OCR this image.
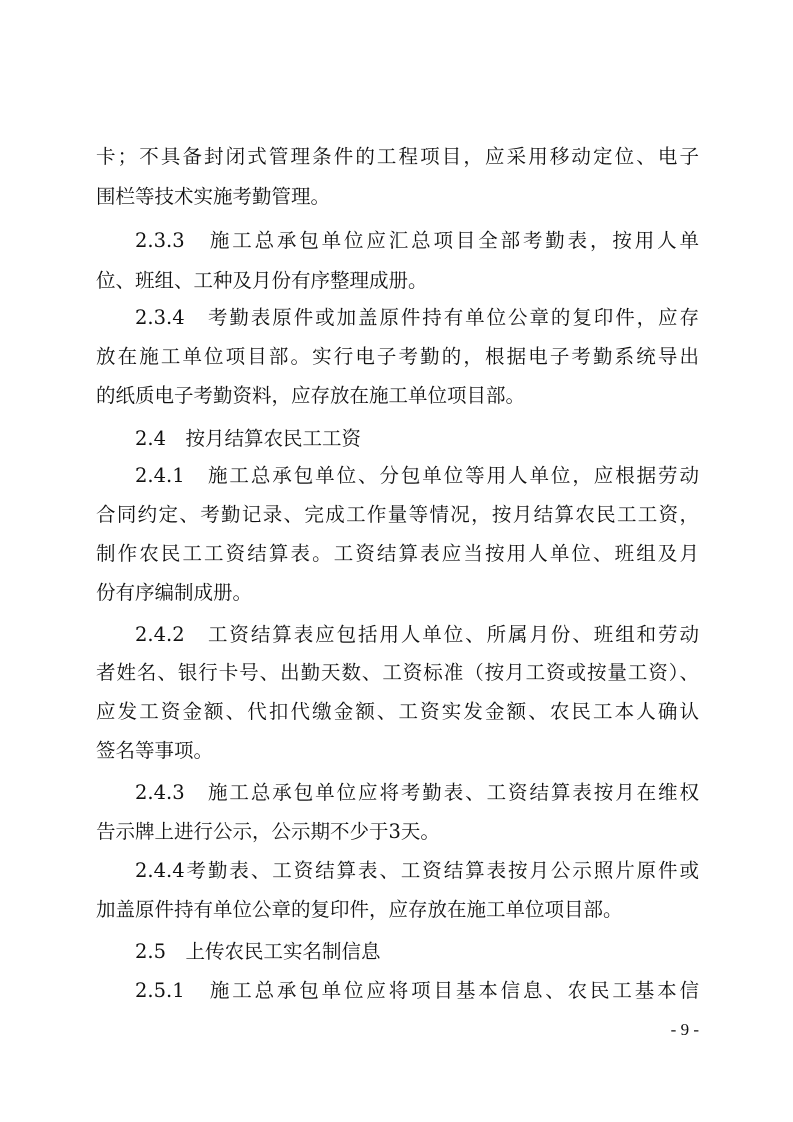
卡；不具备封闭式管理条件的工程项目，应采用移动定位、电子
围栏等技术实施考勤管理。
2.3.3　施工总承包单位应汇总项目全部考勤表，按用人单
位、班组、工种及月份有序整理成册。
2.3.4　考勤表原件或加盖原件持有单位公章的复印件，应存
放在施工单位项目部。实行电子考勤的，根据电子考勤系统导出
的纸质电子考勤资料，应存放在施工单位项目部。
2.4　按月结算农民工工资
2.4.1　施工总承包单位、分包单位等用人单位，应根据劳动
合同约定、考勤记录、完成工作量等情况，按月结算农民工工资，
制作农民工工资结算表。工资结算表应当按用人单位、班组及月
份有序编制成册。
2.4.2　工资结算表应包括用人单位、所属月份、班组和劳动
者姓名、银行卡号、出勤天数、工资标准（按月工资或按量工资）、
应发工资金额、代扣代缴金额、工资实发金额、农民工本人确认
签名等事项。
2.4.3　施工总承包单位应将考勤表、工资结算表按月在维权
告示牌上进行公示，公示期不少于3天。
2.4.4考勤表、工资结算表、工资结算表按月公示照片原件或
加盖原件持有单位公章的复印件，应存放在施工单位项目部。
2.5　上传农民工实名制信息
2.5.1　施工总承包单位应将项目基本信息、农民工基本信
- 9 -
